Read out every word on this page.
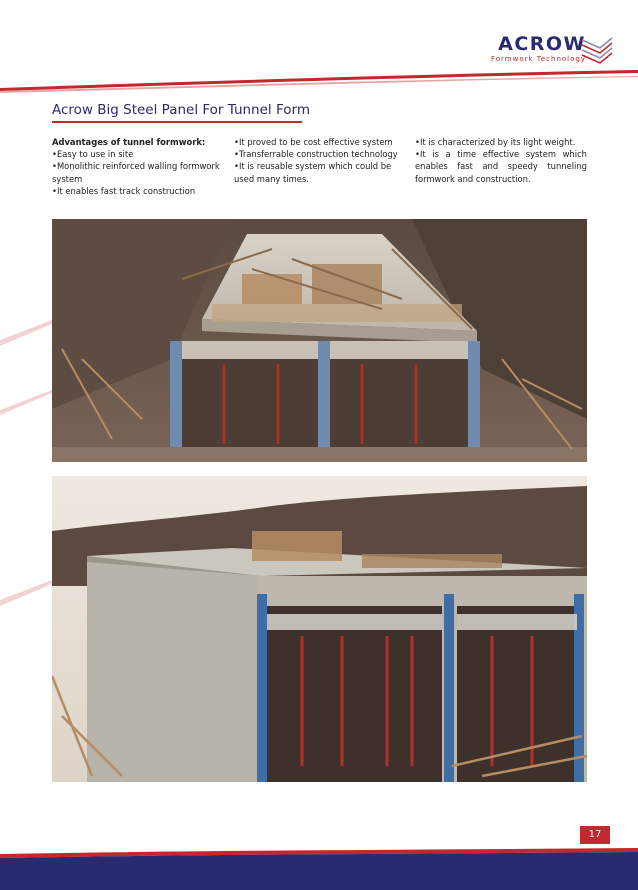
ACROW
Formwork Technology
Acrow Big Steel Panel For Tunnel Form

Advantages of tunnel formwork:

•Easy to use in site

•Monolithic reinforced walling formwork system

•It enables fast track construction

•It proved to be cost effective system

•Transferrable construction technology

•It is reusable system which could be used many times.

•It is characterized by its light weight.

•It is a time effective system which enables fast and speedy tunneling formwork and construction.

17
